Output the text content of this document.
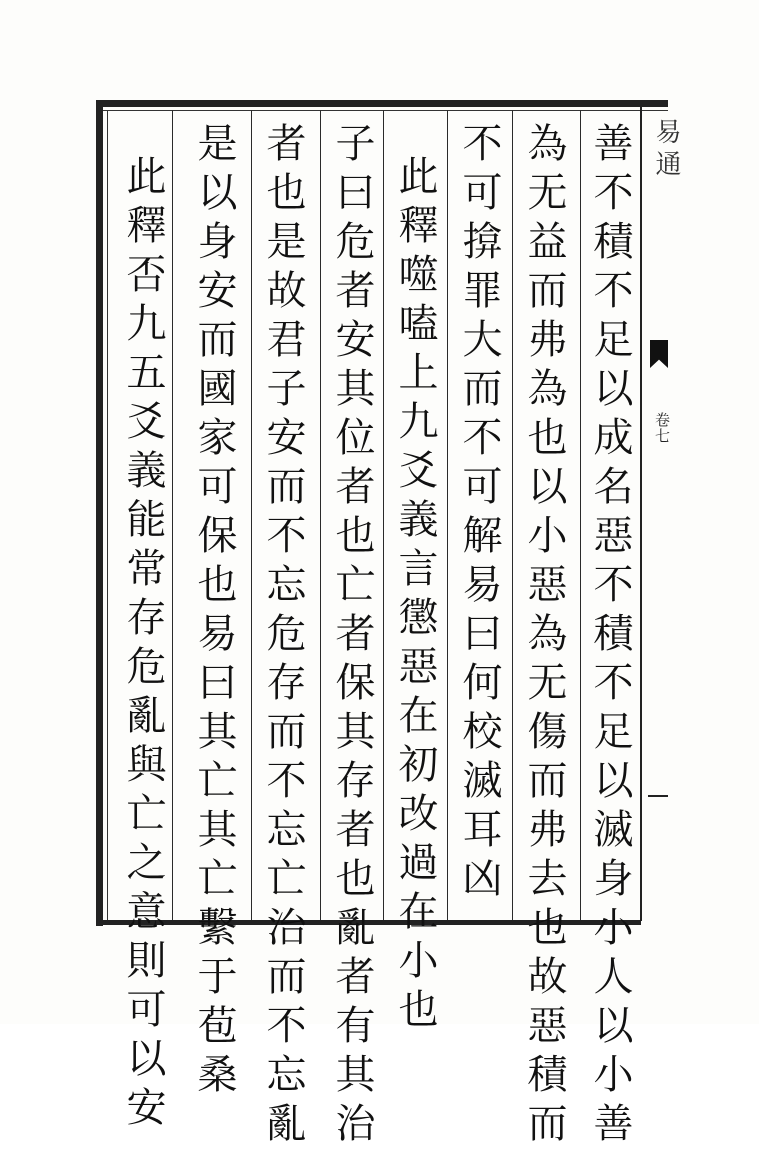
易通
卷七
善不積不足以成名惡不積不足以滅身小人以小善
為无益而弗為也以小惡為无傷而弗去也故惡積而
不可揜罪大而不可解易曰何校滅耳凶
此釋噬嗑上九爻義言懲惡在初改過在小也
子曰危者安其位者也亡者保其存者也亂者有其治
者也是故君子安而不忘危存而不忘亡治而不忘亂
是以身安而國家可保也易曰其亡其亡繫于苞桑
此釋否九五爻義能常存危亂與亡之意則可以安
